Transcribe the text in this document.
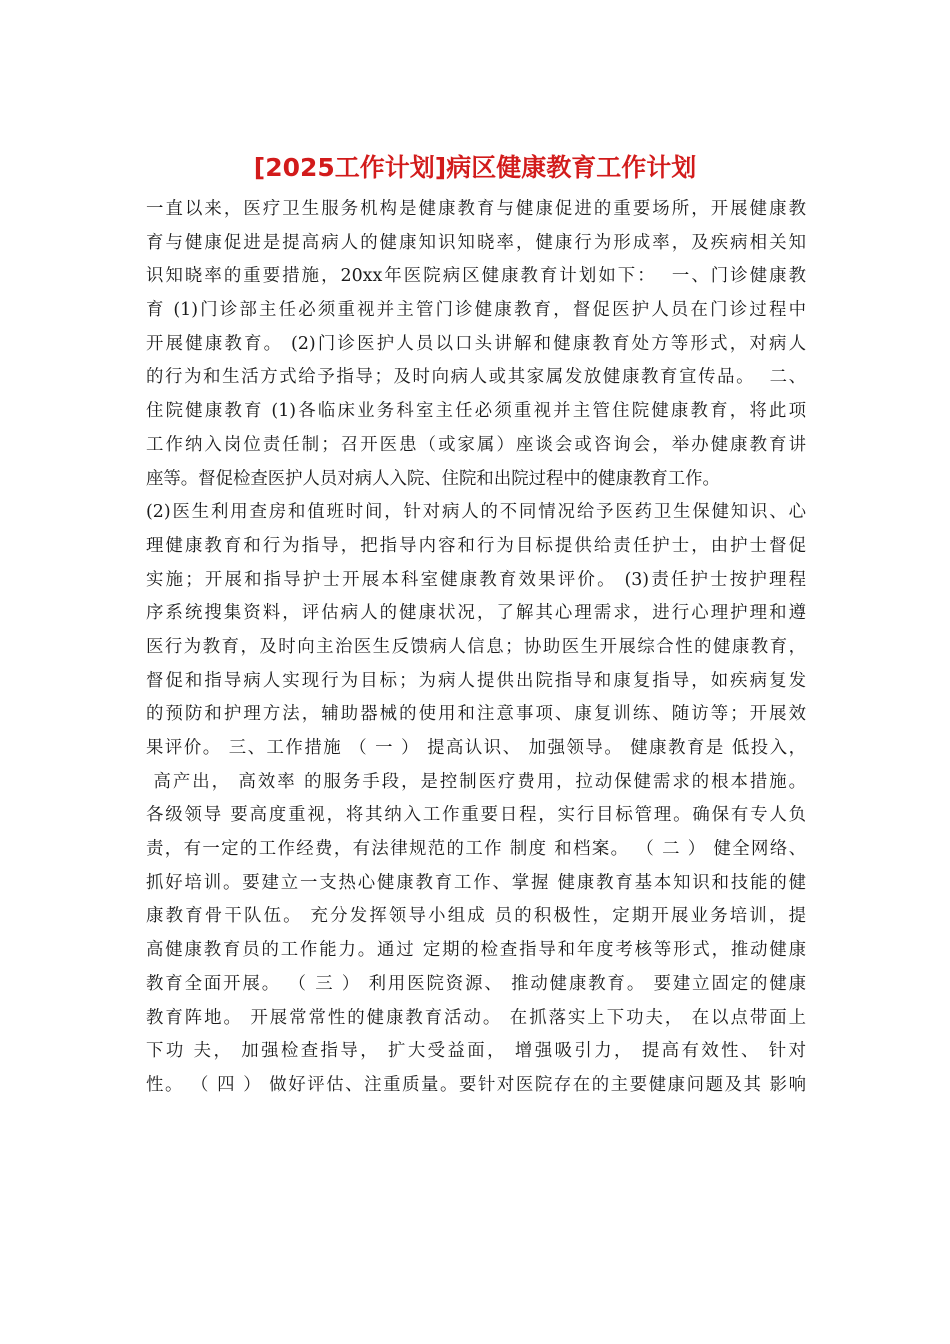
[2025工作计划]病区健康教育工作计划
一直以来，医疗卫生服务机构是健康教育与健康促进的重要场所，开展健康教
育与健康促进是提高病人的健康知识知晓率，健康行为形成率，及疾病相关知
识知晓率的重要措施，20xx年医院病区健康教育计划如下：  一、门诊健康教
育 (1)门诊部主任必须重视并主管门诊健康教育，督促医护人员在门诊过程中
开展健康教育。 (2)门诊医护人员以口头讲解和健康教育处方等形式，对病人
的行为和生活方式给予指导；及时向病人或其家属发放健康教育宣传品。  二、
住院健康教育 (1)各临床业务科室主任必须重视并主管住院健康教育，将此项
工作纳入岗位责任制；召开医患（或家属）座谈会或咨询会，举办健康教育讲
座等。督促检查医护人员对病人入院、住院和出院过程中的健康教育工作。
(2)医生利用查房和值班时间，针对病人的不同情况给予医药卫生保健知识、心
理健康教育和行为指导，把指导内容和行为目标提供给责任护士，由护士督促
实施；开展和指导护士开展本科室健康教育效果评价。 (3)责任护士按护理程
序系统搜集资料，评估病人的健康状况，了解其心理需求，进行心理护理和遵
医行为教育，及时向主治医生反馈病人信息；协助医生开展综合性的健康教育，
督促和指导病人实现行为目标；为病人提供出院指导和康复指导，如疾病复发
的预防和护理方法，辅助器械的使用和注意事项、康复训练、随访等；开展效
果评价。 三、工作措施 （ 一 ） 提高认识、 加强领导。 健康教育是 低投入，
高产出， 高效率 的服务手段，是控制医疗费用，拉动保健需求的根本措施。
各级领导 要高度重视，将其纳入工作重要日程，实行目标管理。确保有专人负
责，有一定的工作经费，有法律规范的工作 制度 和档案。 （ 二 ） 健全网络、
抓好培训。要建立一支热心健康教育工作、掌握 健康教育基本知识和技能的健
康教育骨干队伍。 充分发挥领导小组成 员的积极性，定期开展业务培训，提
高健康教育员的工作能力。通过 定期的检查指导和年度考核等形式，推动健康
教育全面开展。 （ 三 ） 利用医院资源、 推动健康教育。 要建立固定的健康
教育阵地。 开展常常性的健康教育活动。 在抓落实上下功夫， 在以点带面上
下功 夫， 加强检查指导， 扩大受益面， 增强吸引力， 提高有效性、 针对
性。 （ 四 ） 做好评估、注重质量。要针对医院存在的主要健康问题及其 影响
